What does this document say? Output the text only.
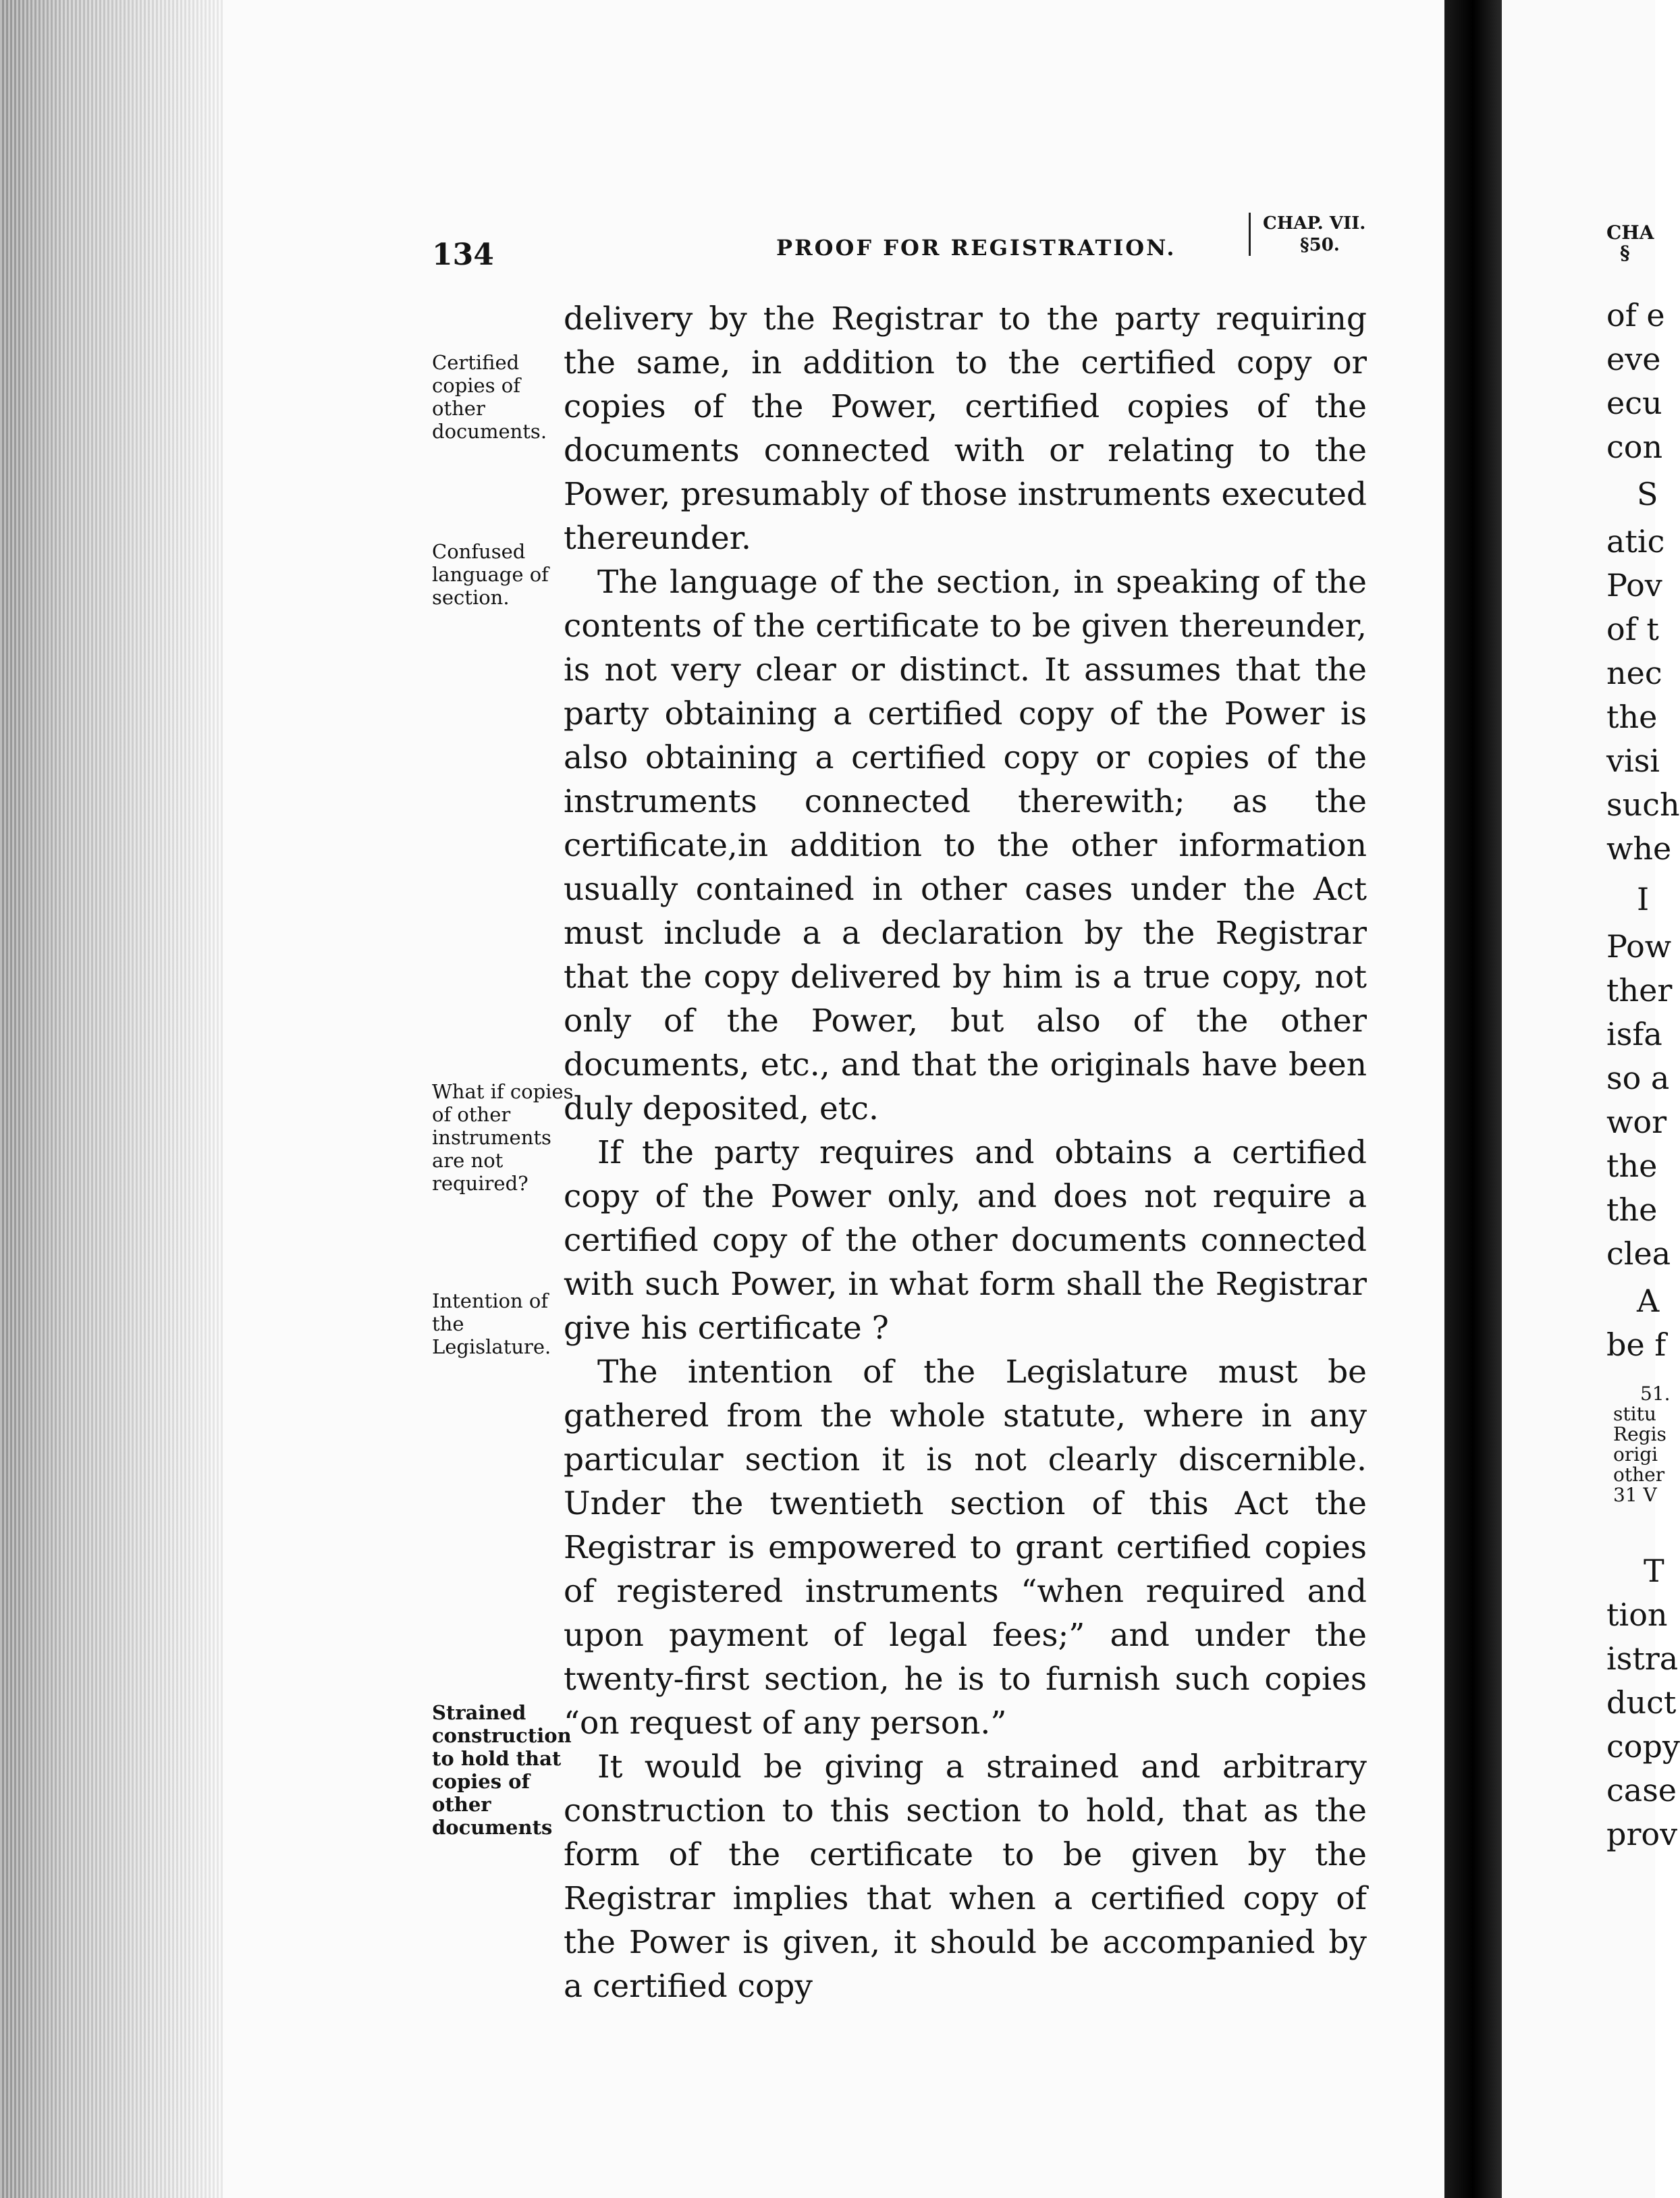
134	PROOF FOR REGISTRATION.
CHAP. VII.
§50.

delivery by the Registrar to the party requiring the same, in addition to the certified copy or copies of the Power, certified copies of the documents connected with or relating to the Power, presumably of those instruments executed thereunder.

The language of the section, in speaking of the contents of the certificate to be given thereunder, is not very clear or distinct. It assumes that the party obtaining a certified copy of the Power is also obtaining a certified copy or copies of the instruments connected therewith; as the certificate,in addition to the other information usually contained in other cases under the Act must include a a declaration by the Registrar that the copy delivered by him is a true copy, not only of the Power, but also of the other documents, etc., and that the originals have been duly deposited, etc.

If the party requires and obtains a certified copy of the Power only, and does not require a certified copy of the other documents connected with such Power, in what form shall the Registrar give his certificate ?

The intention of the Legislature must be gathered from the whole statute, where in any particular section it is not clearly discernible. Under the twentieth section of this Act the Registrar is empowered to grant certified copies of registered instruments “when required and upon payment of legal fees;” and under the twenty-first section, he is to furnish such copies “on request of any person.”

It would be giving a strained and arbitrary construction to this section to hold, that as the form of the certificate to be given by the Registrar implies that when a certified copy of the Power is given, it should be accompanied by a certified copy

Certified copies of other documents.
Confused language of section.
What if copies of other instruments are not required?
Intention of the Legislature.
Strained construction to hold that copies of other documents
CHA
§
of e
eve
ecu
con
S
atic
Pov
of t
nec
the
visi
such
whe
I
Pow
ther
isfa
so a
wor
the
the
clea
A
be f
51.
stitu
Regis
origi
other
31 V
T
tion
istra
duct
copy
case
prov
